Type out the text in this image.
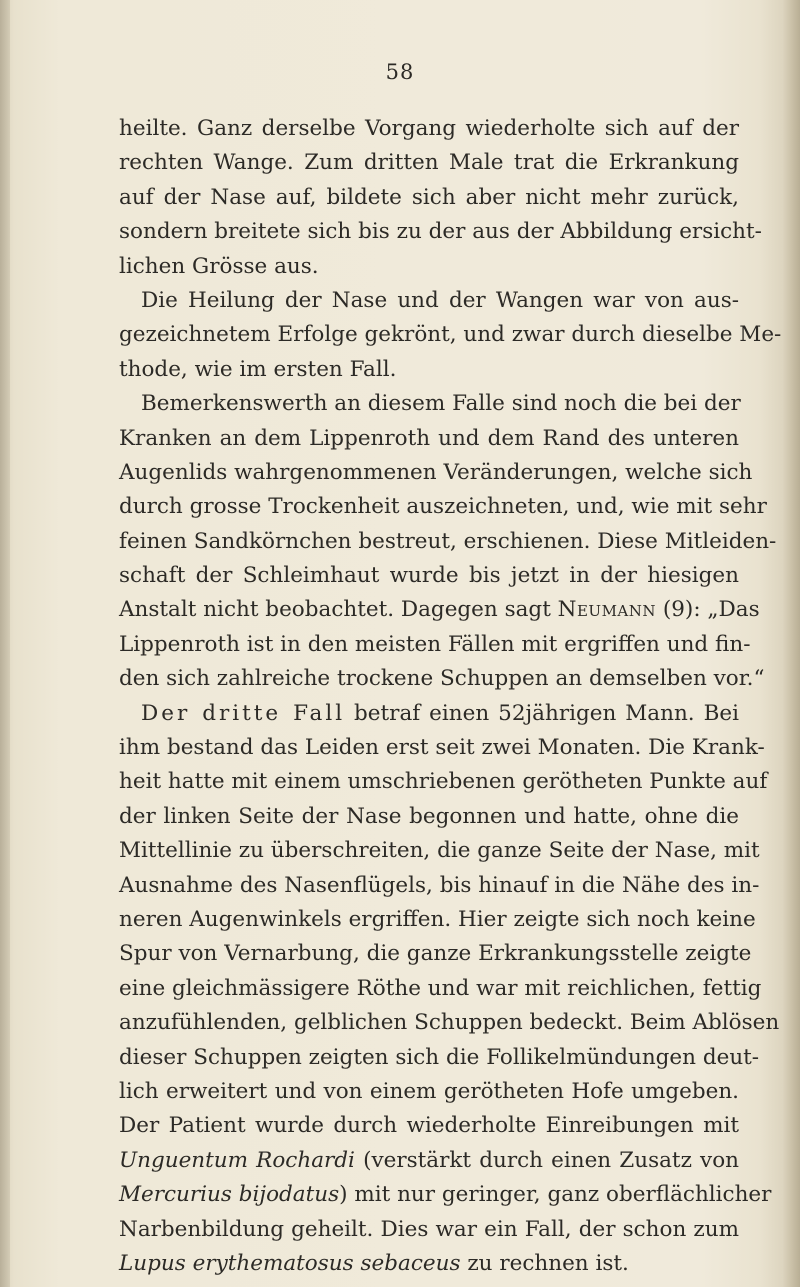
58
heilte. Ganz derselbe Vorgang wiederholte sich auf der
rechten Wange. Zum dritten Male trat die Erkrankung
auf der Nase auf, bildete sich aber nicht mehr zurück,
sondern breitete sich bis zu der aus der Abbildung ersicht-
lichen Grösse aus.
Die Heilung der Nase und der Wangen war von aus-
gezeichnetem Erfolge gekrönt, und zwar durch dieselbe Me-
thode, wie im ersten Fall.
Bemerkenswerth an diesem Falle sind noch die bei der
Kranken an dem Lippenroth und dem Rand des unteren
Augenlids wahrgenommenen Veränderungen, welche sich
durch grosse Trockenheit auszeichneten, und, wie mit sehr
feinen Sandkörnchen bestreut, erschienen. Diese Mitleiden-
schaft der Schleimhaut wurde bis jetzt in der hiesigen
Anstalt nicht beobachtet. Dagegen sagt Neumann (9): „Das
Lippenroth ist in den meisten Fällen mit ergriffen und fin-
den sich zahlreiche trockene Schuppen an demselben vor.“
Der dritte Fall betraf einen 52jährigen Mann. Bei
ihm bestand das Leiden erst seit zwei Monaten. Die Krank-
heit hatte mit einem umschriebenen gerötheten Punkte auf
der linken Seite der Nase begonnen und hatte, ohne die
Mittellinie zu überschreiten, die ganze Seite der Nase, mit
Ausnahme des Nasenflügels, bis hinauf in die Nähe des in-
neren Augenwinkels ergriffen. Hier zeigte sich noch keine
Spur von Vernarbung, die ganze Erkrankungsstelle zeigte
eine gleichmässigere Röthe und war mit reichlichen, fettig
anzufühlenden, gelblichen Schuppen bedeckt. Beim Ablösen
dieser Schuppen zeigten sich die Follikelmündungen deut-
lich erweitert und von einem gerötheten Hofe umgeben.
Der Patient wurde durch wiederholte Einreibungen mit
Unguentum Rochardi (verstärkt durch einen Zusatz von
Mercurius bijodatus) mit nur geringer, ganz oberflächlicher
Narbenbildung geheilt. Dies war ein Fall, der schon zum
Lupus erythematosus sebaceus zu rechnen ist.
